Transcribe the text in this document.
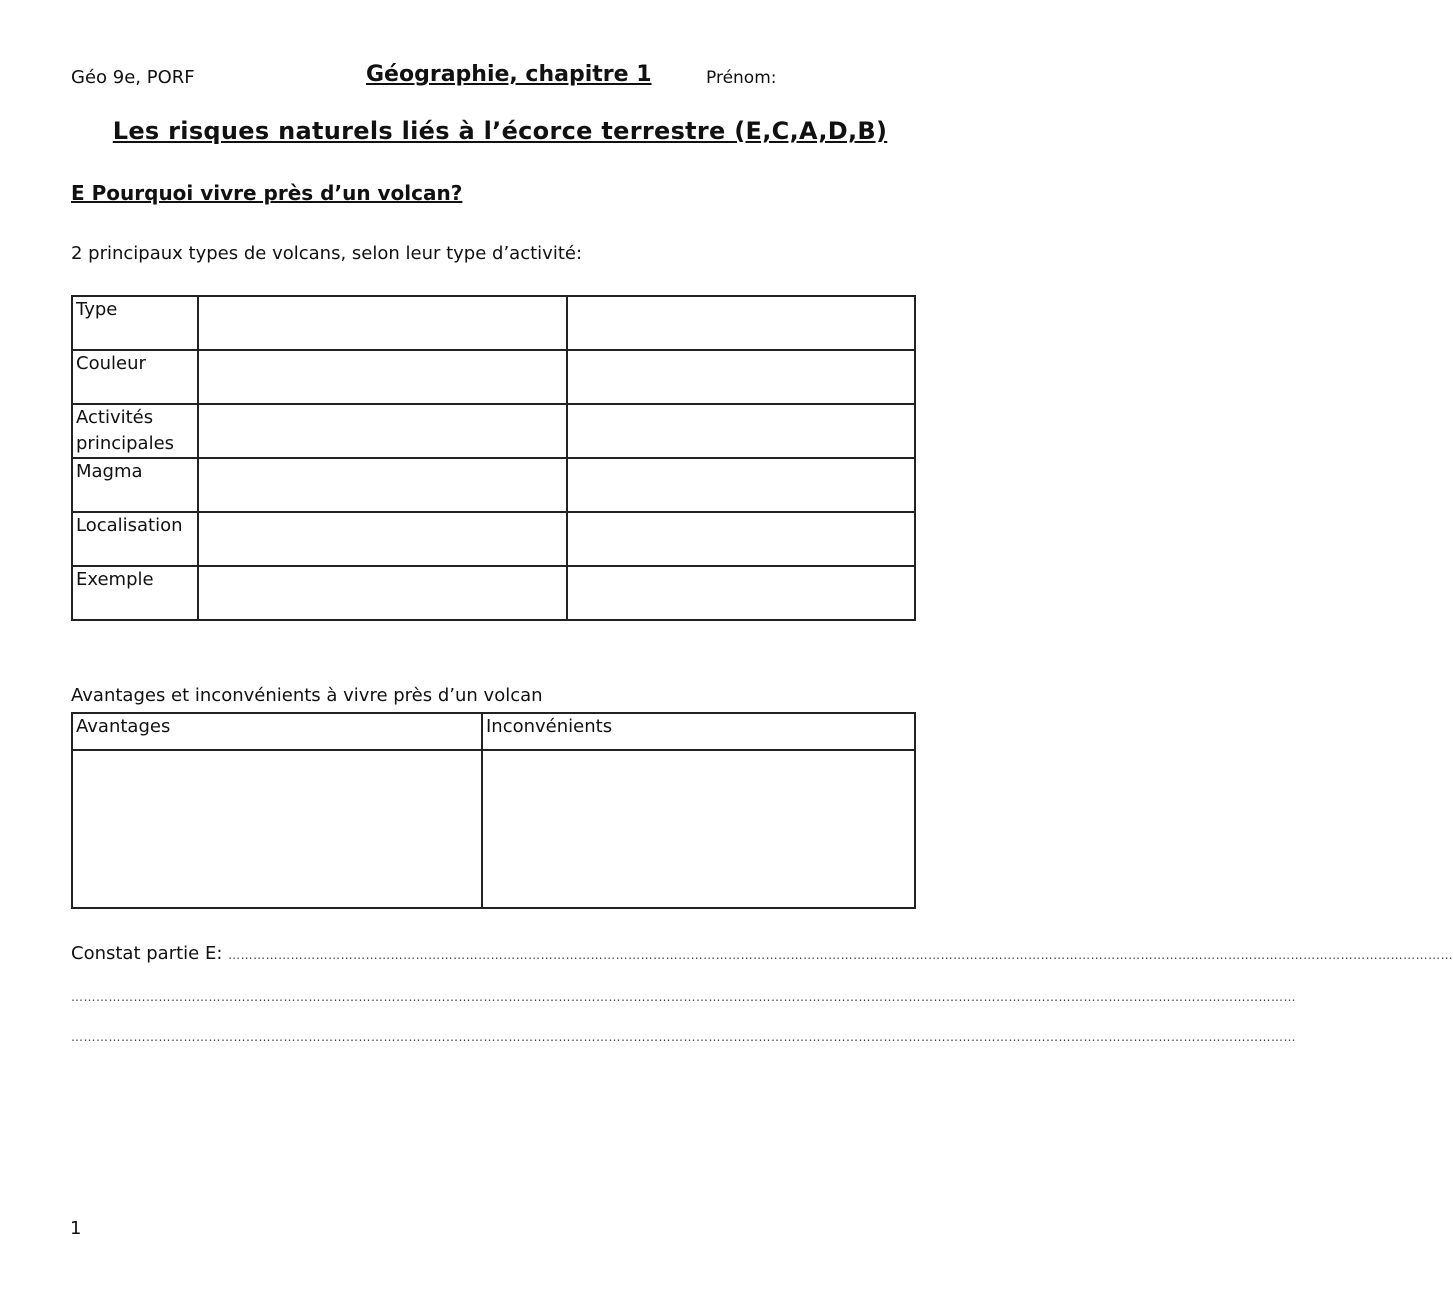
Géo 9e, PORF	Géographie, chapitre 1	Prénom:
Les risques naturels liés à l’écorce terrestre (E,C,A,D,B)
E Pourquoi vivre près d’un volcan?
2 principaux types de volcans, selon leur type d’activité:
Type		
Couleur		
Activités principales		
Magma		
Localisation		
Exemple		
Avantages et inconvénients à vivre près d’un volcan
Avantages	Inconvénients

Constat partie E: ……………………………………………………………………………………………………………………………………………………………………………………………………………………………………………………………………
……………………………………………………………………………………………………………………………………………………………………………………………………………………………………………………………………
……………………………………………………………………………………………………………………………………………………………………………………………………………………………………………………………………
1
